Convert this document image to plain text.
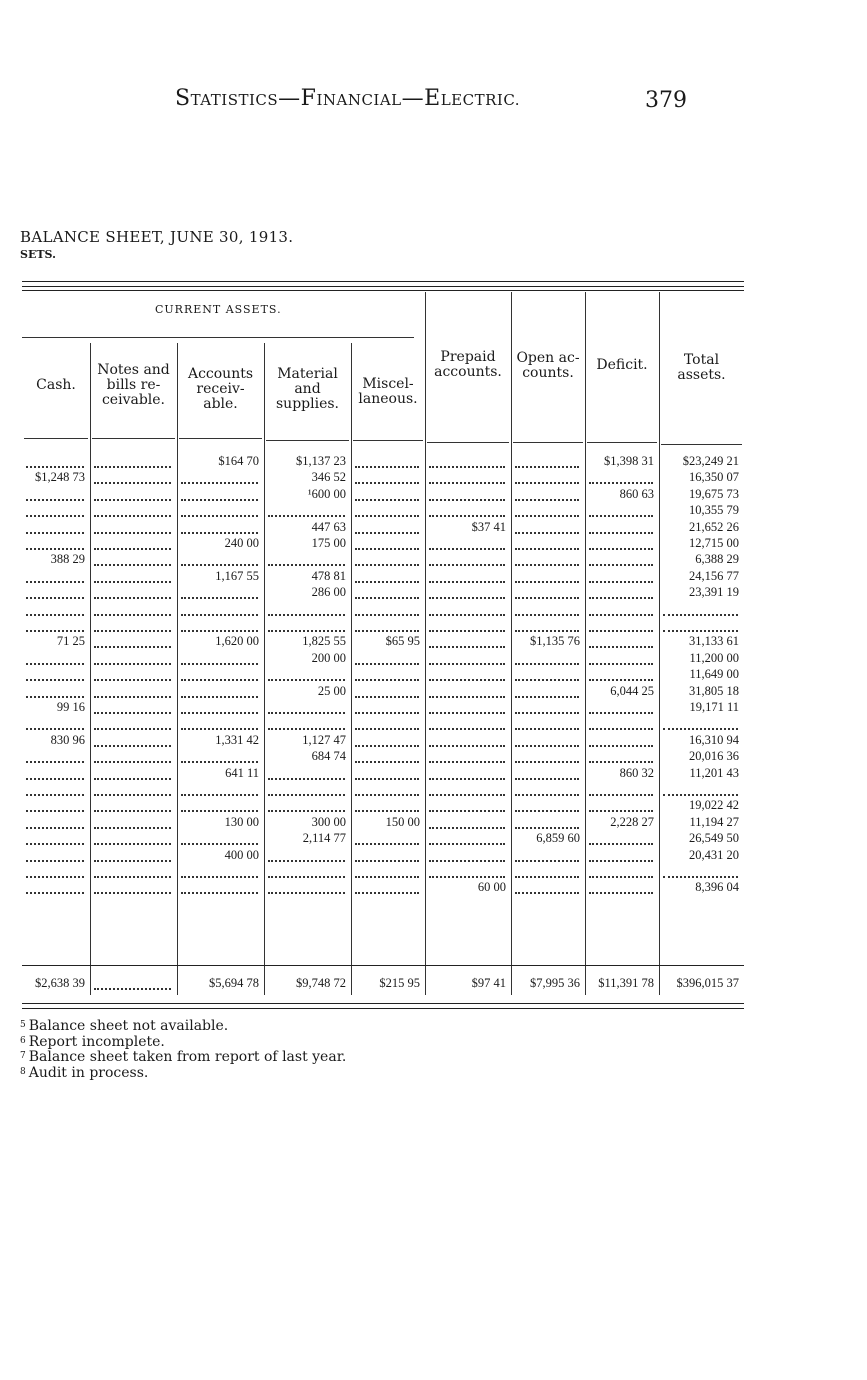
STATISTICS—FINANCIAL—ELECTRIC.	379
BALANCE SHEET, JUNE 30, 1913.
SETS.
CURRENT ASSETS.
Cash.
$1,248 73
388 29
71 25
99 16
830 96
$2,638 39
Notes and
bills re-
ceivable.
Accounts
receiv-
able.
$164 70
240 00
1,167 55
1,620 00
1,331 42
641 11
130 00
400 00
$5,694 78
Material
and
supplies.
$1,137 23
346 52
¹600 00
447 63
175 00
478 81
286 00
1,825 55
200 00
25 00
1,127 47
684 74
300 00
2,114 77
$9,748 72
Miscel-
laneous.
$65 95
150 00
$215 95
Prepaid
accounts.
$37 41
60 00
$97 41
Open ac-
counts.
$1,135 76
6,859 60
$7,995 36
Deficit.
$1,398 31
860 63
6,044 25
860 32
2,228 27
$11,391 78
Total
assets.
$23,249 21
16,350 07
19,675 73
10,355 79
21,652 26
12,715 00
6,388 29
24,156 77
23,391 19
31,133 61
11,200 00
11,649 00
31,805 18
19,171 11
16,310 94
20,016 36
11,201 43
19,022 42
11,194 27
26,549 50
20,431 20
8,396 04
$396,015 37
$^5$ Balance sheet not available.
$^6$ Report incomplete.
$^7$ Balance sheet taken from report of last year.
$^8$ Audit in process.
